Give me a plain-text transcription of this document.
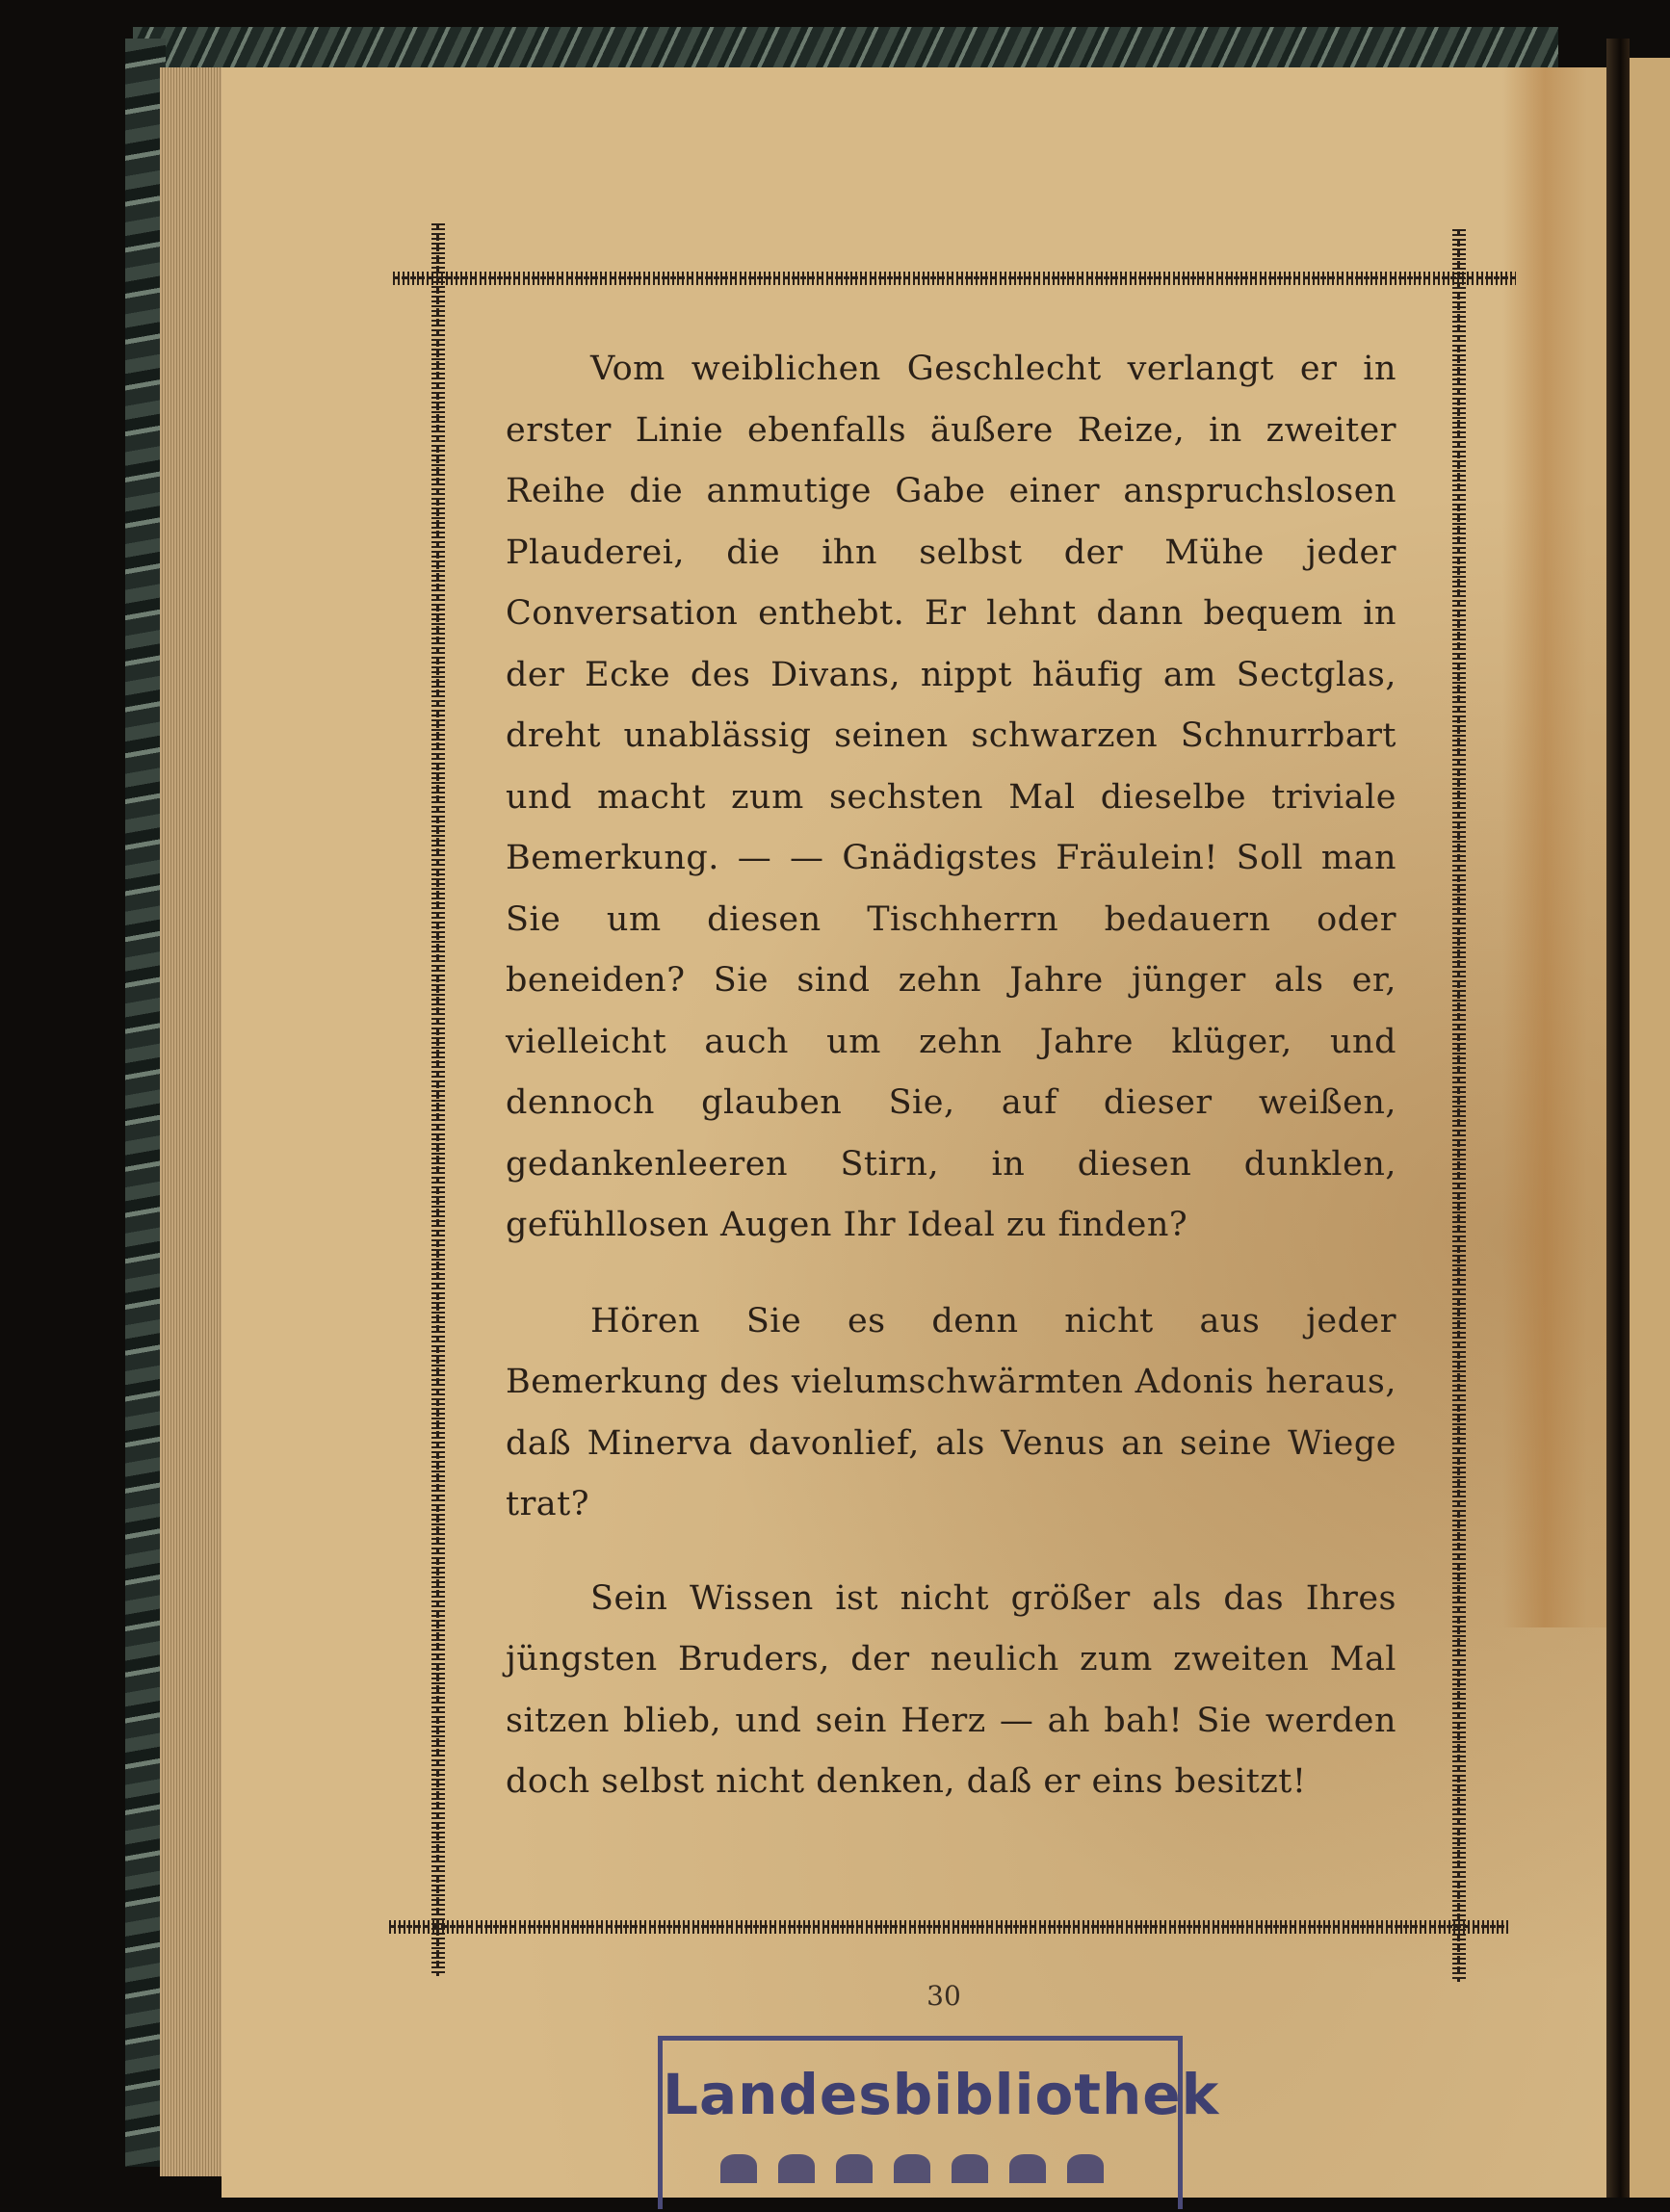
Vom weiblichen Geschlecht verlangt er in erster Linie ebenfalls äußere Reize, in zweiter Reihe die anmutige Gabe einer anspruchslosen Plauderei, die ihn selbst der Mühe jeder Conversation enthebt. Er lehnt dann bequem in der Ecke des Divans, nippt häufig am Sectglas, dreht unablässig seinen schwarzen Schnurrbart und macht zum sechsten Mal dieselbe triviale Bemerkung. — — Gnädigstes Fräulein! Soll man Sie um diesen Tischherrn bedauern oder beneiden? Sie sind zehn Jahre jünger als er, vielleicht auch um zehn Jahre klüger, und dennoch glauben Sie, auf dieser weißen, gedankenleeren Stirn, in diesen dunklen, gefühllosen Augen Ihr Ideal zu finden?

Hören Sie es denn nicht aus jeder Bemerkung des vielumschwärmten Adonis heraus, daß Minerva davonlief, als Venus an seine Wiege trat?

Sein Wissen ist nicht größer als das Ihres jüngsten Bruders, der neulich zum zweiten Mal sitzen blieb, und sein Herz — ah bah! Sie werden doch selbst nicht denken, daß er eins besitzt!

30
Landesbibliothek
